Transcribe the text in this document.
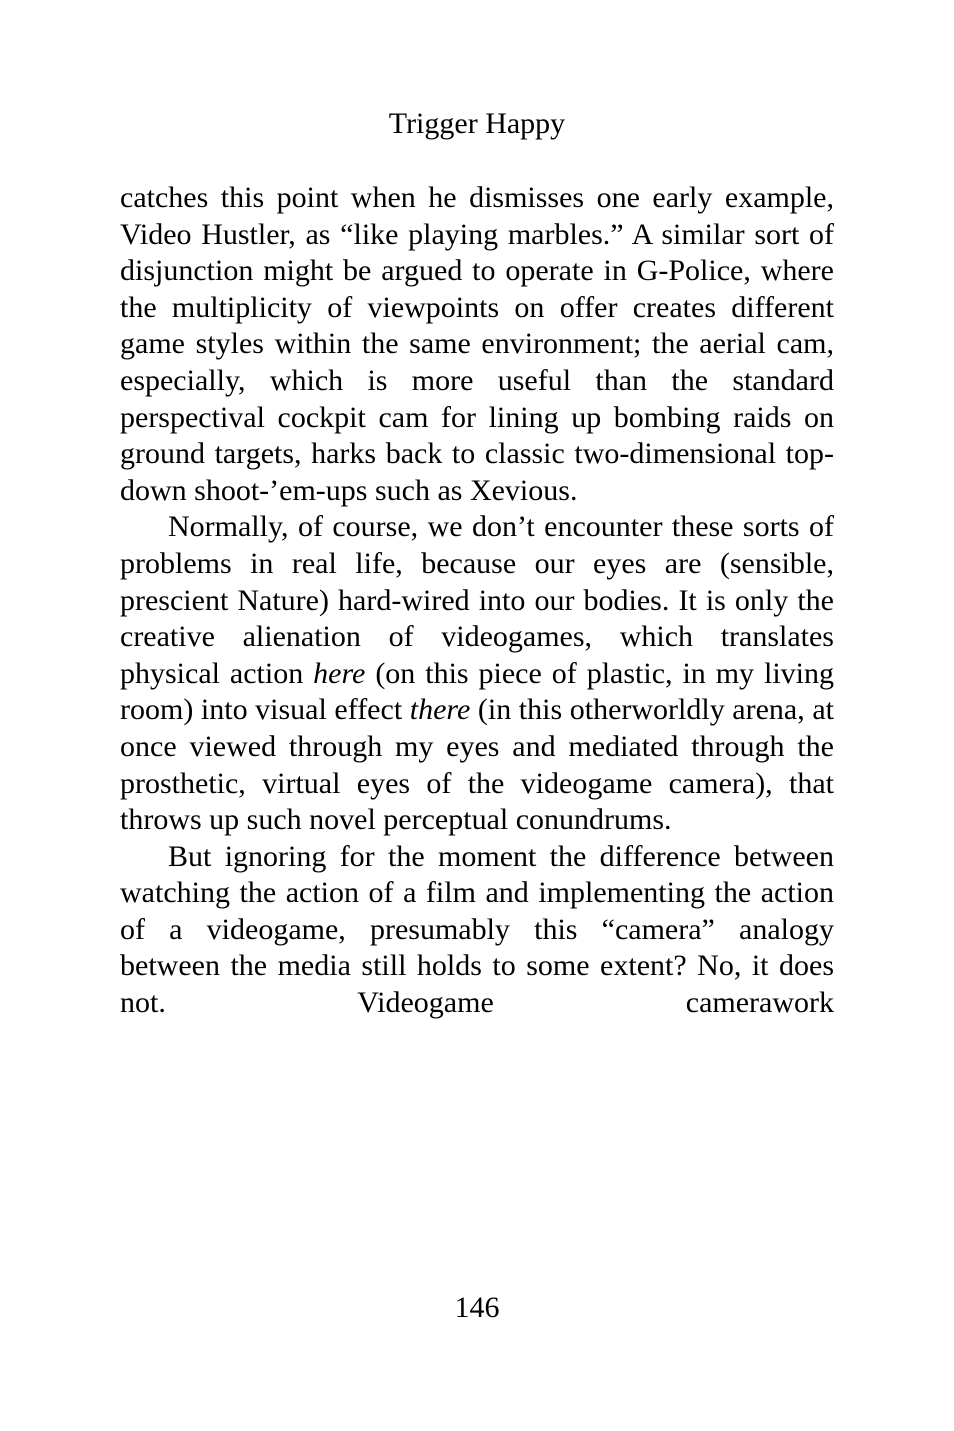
Trigger Happy

catches this point when he dismisses one early example, Video Hustler, as “like playing marbles.” A similar sort of disjunction might be argued to operate in G-Police, where the multiplicity of viewpoints on offer creates different game styles within the same environment; the aerial cam, especially, which is more useful than the standard perspectival cockpit cam for lining up bombing raids on ground targets, harks back to classic two-dimensional top-down shoot-’em-ups such as Xevious.

Normally, of course, we don’t encounter these sorts of problems in real life, because our eyes are (sensible, prescient Nature) hard-wired into our bodies. It is only the creative alienation of videogames, which translates physical action here (on this piece of plastic, in my living room) into visual effect there (in this otherworldly arena, at once viewed through my eyes and mediated through the prosthetic, virtual eyes of the videogame camera), that throws up such novel perceptual conundrums.

But ignoring for the moment the difference between watching the action of a film and implementing the action of a videogame, presumably this “camera” analogy between the media still holds to some extent? No, it does not. Videogame camerawork

146
